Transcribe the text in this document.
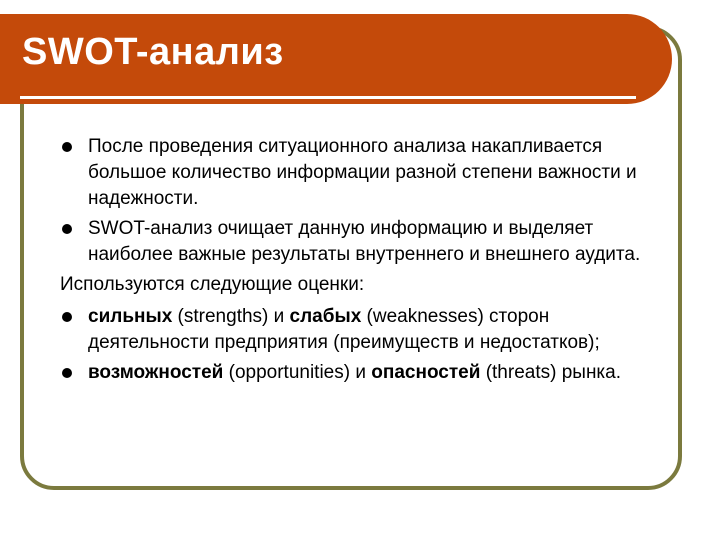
SWOT-анализ
После проведения ситуационного анализа накапливается большое количество информации разной степени важности и надежности.
SWOT-анализ очищает данную информацию и выделяет наиболее важные результаты внутреннего и внешнего аудита.
Используются следующие оценки:
сильных (strengths) и слабых (weaknesses) сторон деятельности предприятия (преимуществ и недостатков);
возможностей (opportunities) и опасностей (threats) рынка.
